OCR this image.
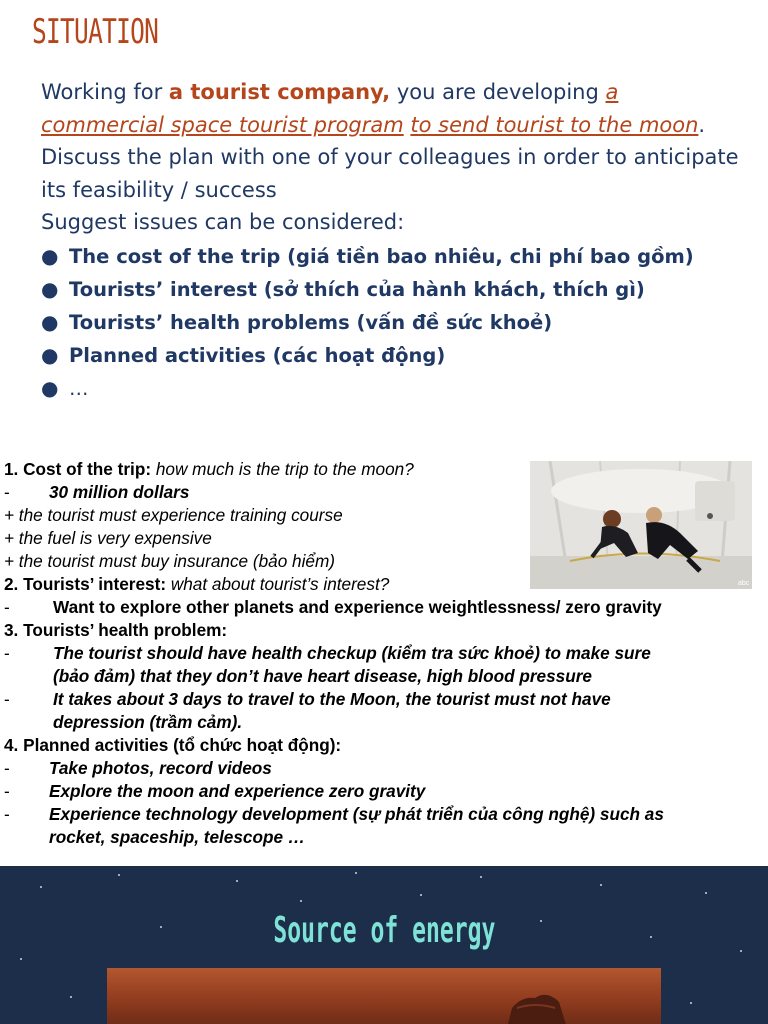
SITUATION
Working for a tourist company, you are developing a commercial space tourist program to send tourist to the moon. Discuss the plan with one of your colleagues in order to anticipate its feasibility / success
Suggest issues can be considered:
● The cost of the trip (giá tiền bao nhiêu, chi phí bao gồm)
● Tourists’ interest (sở thích của hành khách, thích gì)
● Tourists’ health problems (vấn đề sức khoẻ)
● Planned activities (các hoạt động)
● …

1. Cost of the trip: how much is the trip to the moon?

- 30 million dollars

+ the tourist must experience training course

+ the fuel is very expensive

+ the tourist must buy insurance (bảo hiểm)

2. Tourists’ interest: what about tourist’s interest?

-	Want to explore other planets and experience weightlessness/ zero gravity

3. Tourists’ health problem:

-	The tourist should have health checkup (kiểm tra sức khoẻ) to make sure

(bảo đảm) that they don’t have heart disease, high blood pressure

-	It takes about 3 days to travel to the Moon, the tourist must not have

depression (trầm cảm).

4. Planned activities (tổ chức hoạt động):

- Take photos, record videos

- Explore the moon and experience zero gravity

- Experience technology development (sự phát triển của công nghệ) such as

rocket, spaceship, telescope …

abc
Source of energy
